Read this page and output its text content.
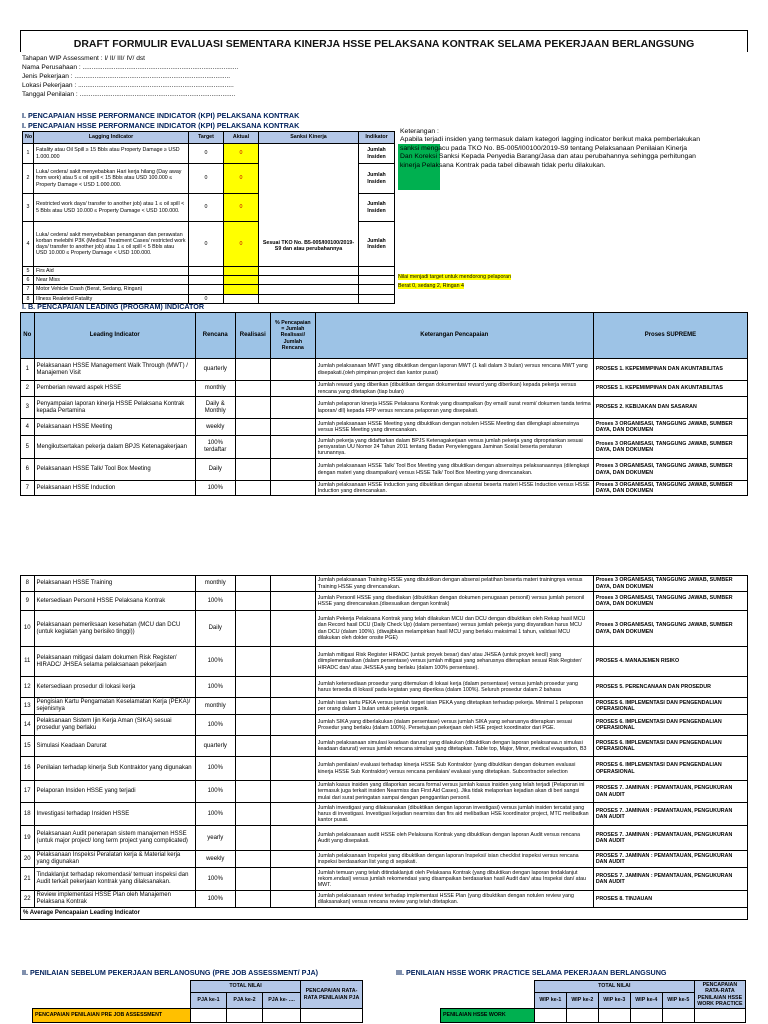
DRAFT FORMULIR EVALUASI SEMENTARA KINERJA HSSE PELAKSANA KONTRAK SELAMA PEKERJAAN BERLANGSUNG
Tahapan WIP Assessment : I/ II/ III/ IV/ dst
Nama Perusahaan : .....................................................................................
Jenis Pekerjaan : .....................................................................................
Lokasi Pekerjaan : .....................................................................................
Tanggal Penilaian : .....................................................................................
I. PENCAPAIAN HSSE PERFORMANCE INDICATOR (KPI) PELAKSANA KONTRAK
I. PENCAPAIAN HSSE PERFORMANCE INDICATOR (KPI) PELAKSANA KONTRAK
No	Lagging Indicator	Target	Aktual	Sanksi Kinerja	Indikator
1	Fatality atau Oil Spill ≥ 15 Bbls atau Property Damage ≥ USD 1.000.000	0	0	Sesuai TKO No. B5-005/I00100/2019-S9 dan atau perubahannya	Jumlah Insiden
2	Luka/ cedera/ sakit menyebabkan Hari kerja hilang (Day away from work) atau 5 ≤ oil spill < 15 Bbls atau USD 100.000 ≤ Property Damage < USD 1.000.000.	0	0		Jumlah Insiden
3	Restricted work days/ transfer to another job) atau 1 ≤ oil spill < 5 Bbls atau USD 10.000 ≤ Property Damage < USD 100.000.	0	0		Jumlah Insiden
4	Luka/ cedera/ sakit menyebabkan penanganan dan perawatan korban melebihi P3K (Medical Treatment Cases/ restricted work days/ transfer to another job) atau 1 ≤ oil spill < 5 Bbls atau USD 10.000 ≤ Property Damage < USD 100.000.	0	0		Jumlah Insiden
5	Firs Aid				
6	Near Miss				
7	Motor Vehicle Crash (Berat, Sedang, Ringan)				
8	Illness Realeted Fatality	0			
Keterangan :
Apabila terjadi insiden yang termasuk dalam kategori lagging indicator berikut maka pemberlakukan sanksi mengacu pada TKO No. B5-005/I00100/2019-S9 tentang Pelaksanaan Penilaian Kinerja Dan Koreksi Sanksi Kepada Penyedia Barang/Jasa dan atau perubahannya sehingga perhitungan kinerja Pelaksana Kontrak pada tabel dibawah tidak perlu dilakukan.
Nilai menjadi target untuk mendorong pelaporan
Berat 0, sedang 2, Ringan 4
I. B. PENCAPAIAN LEADING (PROGRAM) INDICATOR
No	Leading Indicator	Rencana	Realisasi	% Pencapaian = Jumlah Realisasi/ Jumlah Rencana	Keterangan Pencapaian	Proses SUPREME
1	Pelaksanaan HSSE Management Walk Through (MWT) / Manajemen Visit	quarterly			Jumlah pelaksanaan MWT yang dibuktikan dengan laporan MWT (1 kali dalam 3 bulan) versus rencana MWT yang disepakati.(oleh pimpinan project dan kantor pusat)	PROSES 1. KEPEMIMPINAN DAN AKUNTABILITAS
2	Pemberian reward aspek HSSE	monthly			Jumlah reward yang diberikan (dibuktikan dengan dokumentasi reward yang diberikan) kepada pekerja versus rencana yang ditetapkan (tiap bulan)	PROSES 1. KEPEMIMPINAN DAN AKUNTABILITAS
3	Penyampaian laporan kinerja HSSE Pelaksana Kontrak kepada Pertamina	Daily & Monthly			Jumlah pelaporan kinerja HSSE Pelaksana Kontrak yang disampaikan (by email/ surat resmi/ dokumen tanda terima laporan/ dll) kepada FPP versus rencana pelaporan yang disepakati.	PROSES 2. KEBIJAKAN DAN SASARAN
4	Pelaksanaan HSSE Meeting	weekly			Jumlah pelaksanaan HSSE Meeting yang dibuktikan dengan notulen HSSE Meeting dan dilengkapi absensinya versus HSSE Meeting yang direncanakan.	Proses 3 ORGANISASI, TANGGUNG JAWAB, SUMBER DAYA, DAN DOKUMEN
5	Mengikutsertakan pekerja dalam BPJS Ketenagakerjaan	100% terdaftar			Jumlah pekerja yang didaftarkan dalam BPJS Ketenagakerjaan versus jumlah pekerja yang dipropriankan sesuai persyaratan UU Nomor 24 Tahun 2011 tentang Badan Penyelenggara Jaminan Sosial beserta peraturan turunannya.	Proses 3 ORGANISASI, TANGGUNG JAWAB, SUMBER DAYA, DAN DOKUMEN
6	Pelaksanaan HSSE Talk/ Tool Box Meeting	Daily			Jumlah pelaksanaan HSSE Talk/ Tool Box Meeting yang dibuktikan dengan absensinya pelaksanaannya (dilengkapi dengan materi yang disampaikan) versus HSSE Talk/ Tool Box Meeting yang direncanakan.	Proses 3 ORGANISASI, TANGGUNG JAWAB, SUMBER DAYA, DAN DOKUMEN
7	Pelaksanaan HSSE Induction	100%			Jumlah pelaksanaan HSSE Induction yang dibuktikan dengan absensi beserta materi HSSE Induction versus HSSE Induction yang direncanakan.	Proses 3 ORGANISASI, TANGGUNG JAWAB, SUMBER DAYA, DAN DOKUMEN
8	Pelaksanaan HSSE Training	monthly			Jumlah pelaksanaan Training HSSE yang dibuktikan dengan absensi pelatihan beserta materi trainingnya versus Training HSSE yang direncanakan.	Proses 3 ORGANISASI, TANGGUNG JAWAB, SUMBER DAYA, DAN DOKUMEN
9	Ketersediaan Personil HSSE Pelaksana Kontrak	100%			Jumlah Personil HSSE yang disediakan (dibuktikan dengan dokumen penugasan personil) versus jumlah personil HSSE yang direncanakan.(disesuaikan dengan kontrak)	Proses 3 ORGANISASI, TANGGUNG JAWAB, SUMBER DAYA, DAN DOKUMEN
10	Pelaksanaan pemeriksaan kesehatan (MCU dan DCU (untuk kegiatan yang berisiko tinggi))	Daily			Jumlah Pekerja Pelaksana Kontrak yang telah dilakukan MCU dan DCU dengan dibuktikan oleh Rekap hasil MCU dan Record hasil DCU (Daily Check Up) (dalam persentase) versus jumlah pekerja yang disyaratkan harus MCU dan DCU (dalam 100%). (diwajibkan melampirkan hasil MCU yang berlaku maksimal 1 tahun, validasi MCU dilakukan oleh dokter onsite PGE)	Proses 3 ORGANISASI, TANGGUNG JAWAB, SUMBER DAYA, DAN DOKUMEN
11	Pelaksanaan mitigasi dalam dokumen Risk Register/ HIRADC/ JHSEA selama pelaksanaan pekerjaan	100%			Jumlah mitigasi Risk Register HIRADC (untuk proyek besar) dan/ atau JHSEA (untuk proyek kecil) yang diimplementasikan (dalam persentase) versus jumlah mitigasi yang seharusnya diterapkan sesuai Risk Register/ HIRADC dan/ atau JHSSEA yang berlaku (dalam 100% persentase).	PROSES 4. MANAJEMEN RISIKO
12	Ketersediaan prosedur di lokasi kerja	100%			Jumlah ketersediaan prosedur yang ditemukan di lokasi kerja (dalam persentase) versus jumlah prosedur yang harus tersedia di lokasi/ pada kegiatan yang diperiksa (dalam 100%). Seluruh prosedur dalam 2 bahasa	PROSES 5. PERENCANAAN DAN PROSEDUR
13	Pengisian Kartu Pengamatan Keselamatan Kerja (PEKA)/ sejenisnya	monthly			Jumlah isian kartu PEKA versus jumlah target isian PEKA yang ditetapkan terhadap pekerja. Minimal 1 pelaporan per orang dalam 1 bulan untuk pekerja organik.	PROSES 6. IMPLEMENTASI DAN PENGENDALIAN OPERASIONAL
14	Pelaksanaan Sistem Ijin Kerja Aman (SIKA) sesuai prosedur yang berlaku	100%			Jumlah SIKA yang diberlakukan (dalam persentase) versus jumlah SIKA yang seharusnya diterapkan sesuai Prosedur yang berlaku (dalam 100%). Persetujuan pekerjaan oleh HSE project koordinator dari PGE.	PROSES 6. IMPLEMENTASI DAN PENGENDALIAN OPERASIONAL
15	Simulasi Keadaan Darurat	quarterly			Jumlah pelaksanaan simulasi keadaan darurat yang dilakukan (dibuktikan dengan laporan pelaksanaa.n simulasi keadaan darurat) versus jumlah rencana simulasi yang ditetapkan. Table top, Major, Minor, medical evaquation, B3	PROSES 6. IMPLEMENTASI DAN PENGENDALIAN OPERASIONAL
16	Penilaian terhadap kinerja Sub Kontraktor yang digunakan	100%			Jumlah penilaian/ evaluasi terhadap kinerja HSSE Sub Kontraktor (yang dibuktikan dengan dokumen evaluasi kinerja HSSE Sub Kontraktor) versus rencana penilaian/ evaluasi yang ditetapkan. Subcontractor selection	PROSES 6. IMPLEMENTASI DAN PENGENDALIAN OPERASIONAL
17	Pelaporan Insiden HSSE yang terjadi	100%			Jumlah kasus insiden yang dilaporkan secara formal versus jumlah kasus insiden yang telah terjadi (Pelaporan ini termasuk juga terkait insiden Nearmiss dan First Aid Cases). Jika tidak melaporkan kejadian akan di beri sangsi mulai dari surat peringatan sampai dengan penggantian personil.	PROSES 7. JAMINAN : PEMANTAUAN, PENGUKURAN DAN AUDIT
18	Investigasi terhadap Insiden HSSE	100%			Jumlah investigasi yang dilaksanakan (dibuktikan dengan laporan investigasi) versus jumlah insiden tercatat yang harus di investigasi. Investigasi kejadian nearmiss dan firs aid melibatkan HSE koordinator project, MTC melibatkan kantor pusat.	PROSES 7. JAMINAN : PEMANTAUAN, PENGUKURAN DAN AUDIT
19	Pelaksanaan Audit penerapan sistem manajemen HSSE (untuk major project/ long term project yang complicated)	yearly			Jumlah pelaksanaan audit HSSE oleh Pelaksana Kontrak yang dibuktikan dengan laporan Audit versus rencana Audit yang disepakati.	PROSES 7. JAMINAN : PEMANTAUAN, PENGUKURAN DAN AUDIT
20	Pelaksanaan Inspeksi Peralatan kerja & Material kerja yang digunakan	weekly			Jumlah pelaksanaan Inspeksi yang dibuktikan dengan laporan Inspeksi/ isian checklist inspeksi versus rencana inspeksi berdasarkan list yang di sepakati.	PROSES 7. JAMINAN : PEMANTAUAN, PENGUKURAN DAN AUDIT
21	Tindaklanjut terhadap rekomendasi/ temuan inspeksi dan Audit terkait pekerjaan kontrak yang dilaksanakan.	100%			Jumlah temuan yang telah ditindaklanjuti oleh Pelaksana Kontrak (yang dibuktikan dengan laporan tindaklanjut rekom.endasi) versus jumlah rekomendasi yang disampaikan berdasarkan hasil Audit dan/ atau Inspeksi dan/ atau MWT.	PROSES 7. JAMINAN : PEMANTAUAN, PENGUKURAN DAN AUDIT
22	Review implementasi HSSE Plan oleh Manajemen Pelaksana Kontrak	100%			Jumlah pelaksanaan review terhadap implementasi HSSE Plan (yang dibuktikan dengan notulen review yang dilaksanakan) versus rencana review yang telah ditetapkan.	PROSES 8. TINJAUAN
% Average Pencapaian Leading Indicator						
II. PENILAIAN SEBELUM PEKERJAAN BERLANOSUNG (PRE JOB ASSESSMENT/ PJA)	III. PENILAIAN HSSE WORK PRACTICE SELAMA PEKERJAAN BERLANGSUNG
	TOTAL NILAI			PENCAPAIAN RATA-RATA PENILAIAN PJA
	PJA ke-1	PJA ke-2	PJA ke- ....	
PENCAPAIAN PENILAIAN PRE JOB ASSESSMENT				
	TOTAL NILAI					PENCAPAIAN RATA-RATA PENILAIAN HSSE WORK PRACTICE
	WIP ke-1	WIP ke-2	WIP ke-3	WIP ke-4	WIP ke-5	
PENILAIAN HSSE WORK						
